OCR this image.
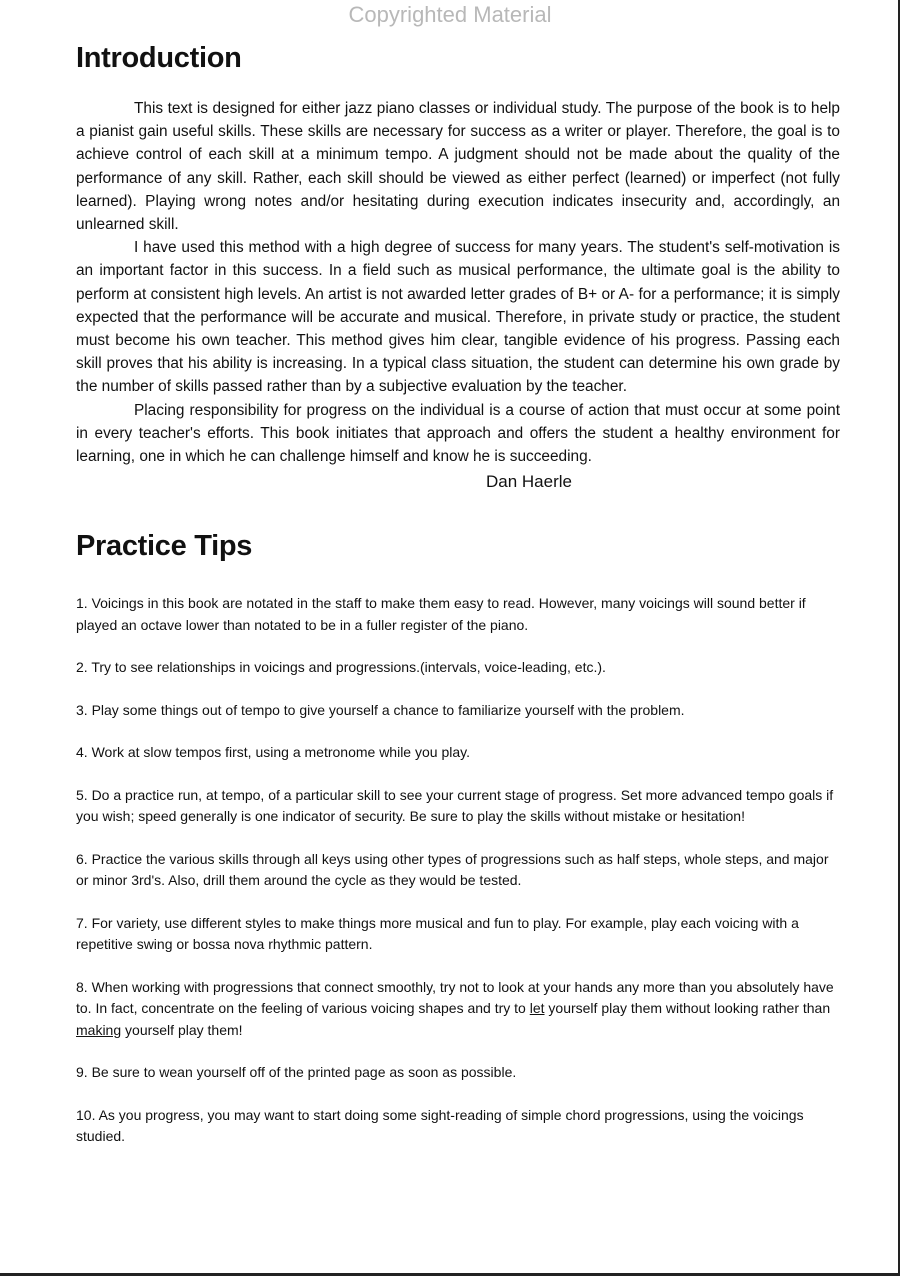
Copyrighted Material
Introduction

This text is designed for either jazz piano classes or individual study. The purpose of the book is to help a pianist gain useful skills. These skills are necessary for success as a writer or player. Therefore, the goal is to achieve control of each skill at a minimum tempo. A judgment should not be made about the quality of the performance of any skill. Rather, each skill should be viewed as either perfect (learned) or imperfect (not fully learned). Playing wrong notes and/or hesitating during execution indicates insecurity and, accordingly, an unlearned skill.

I have used this method with a high degree of success for many years. The student's self-motivation is an important factor in this success. In a field such as musical performance, the ultimate goal is the ability to perform at consistent high levels. An artist is not awarded letter grades of B+ or A- for a performance; it is simply expected that the performance will be accurate and musical. Therefore, in private study or practice, the student must become his own teacher. This method gives him clear, tangible evidence of his progress. Passing each skill proves that his ability is increasing. In a typical class situation, the student can determine his own grade by the number of skills passed rather than by a subjective evaluation by the teacher.

Placing responsibility for progress on the individual is a course of action that must occur at some point in every teacher's efforts. This book initiates that approach and offers the student a healthy environment for learning, one in which he can challenge himself and know he is succeeding.

Dan Haerle
Practice Tips

1. Voicings in this book are notated in the staff to make them easy to read. However, many voicings will sound better if played an octave lower than notated to be in a fuller register of the piano.

2. Try to see relationships in voicings and progressions.(intervals, voice-leading, etc.).

3. Play some things out of tempo to give yourself a chance to familiarize yourself with the problem.

4. Work at slow tempos first, using a metronome while you play.

5. Do a practice run, at tempo, of a particular skill to see your current stage of progress. Set more advanced tempo goals if you wish; speed generally is one indicator of security. Be sure to play the skills without mistake or hesitation!

6. Practice the various skills through all keys using other types of progressions such as half steps, whole steps, and major or minor 3rd's. Also, drill them around the cycle as they would be tested.

7. For variety, use different styles to make things more musical and fun to play. For example, play each voicing with a repetitive swing or bossa nova rhythmic pattern.

8. When working with progressions that connect smoothly, try not to look at your hands any more than you absolutely have to. In fact, concentrate on the feeling of various voicing shapes and try to let yourself play them without looking rather than making yourself play them!

9. Be sure to wean yourself off of the printed page as soon as possible.

10. As you progress, you may want to start doing some sight-reading of simple chord progressions, using the voicings studied.
